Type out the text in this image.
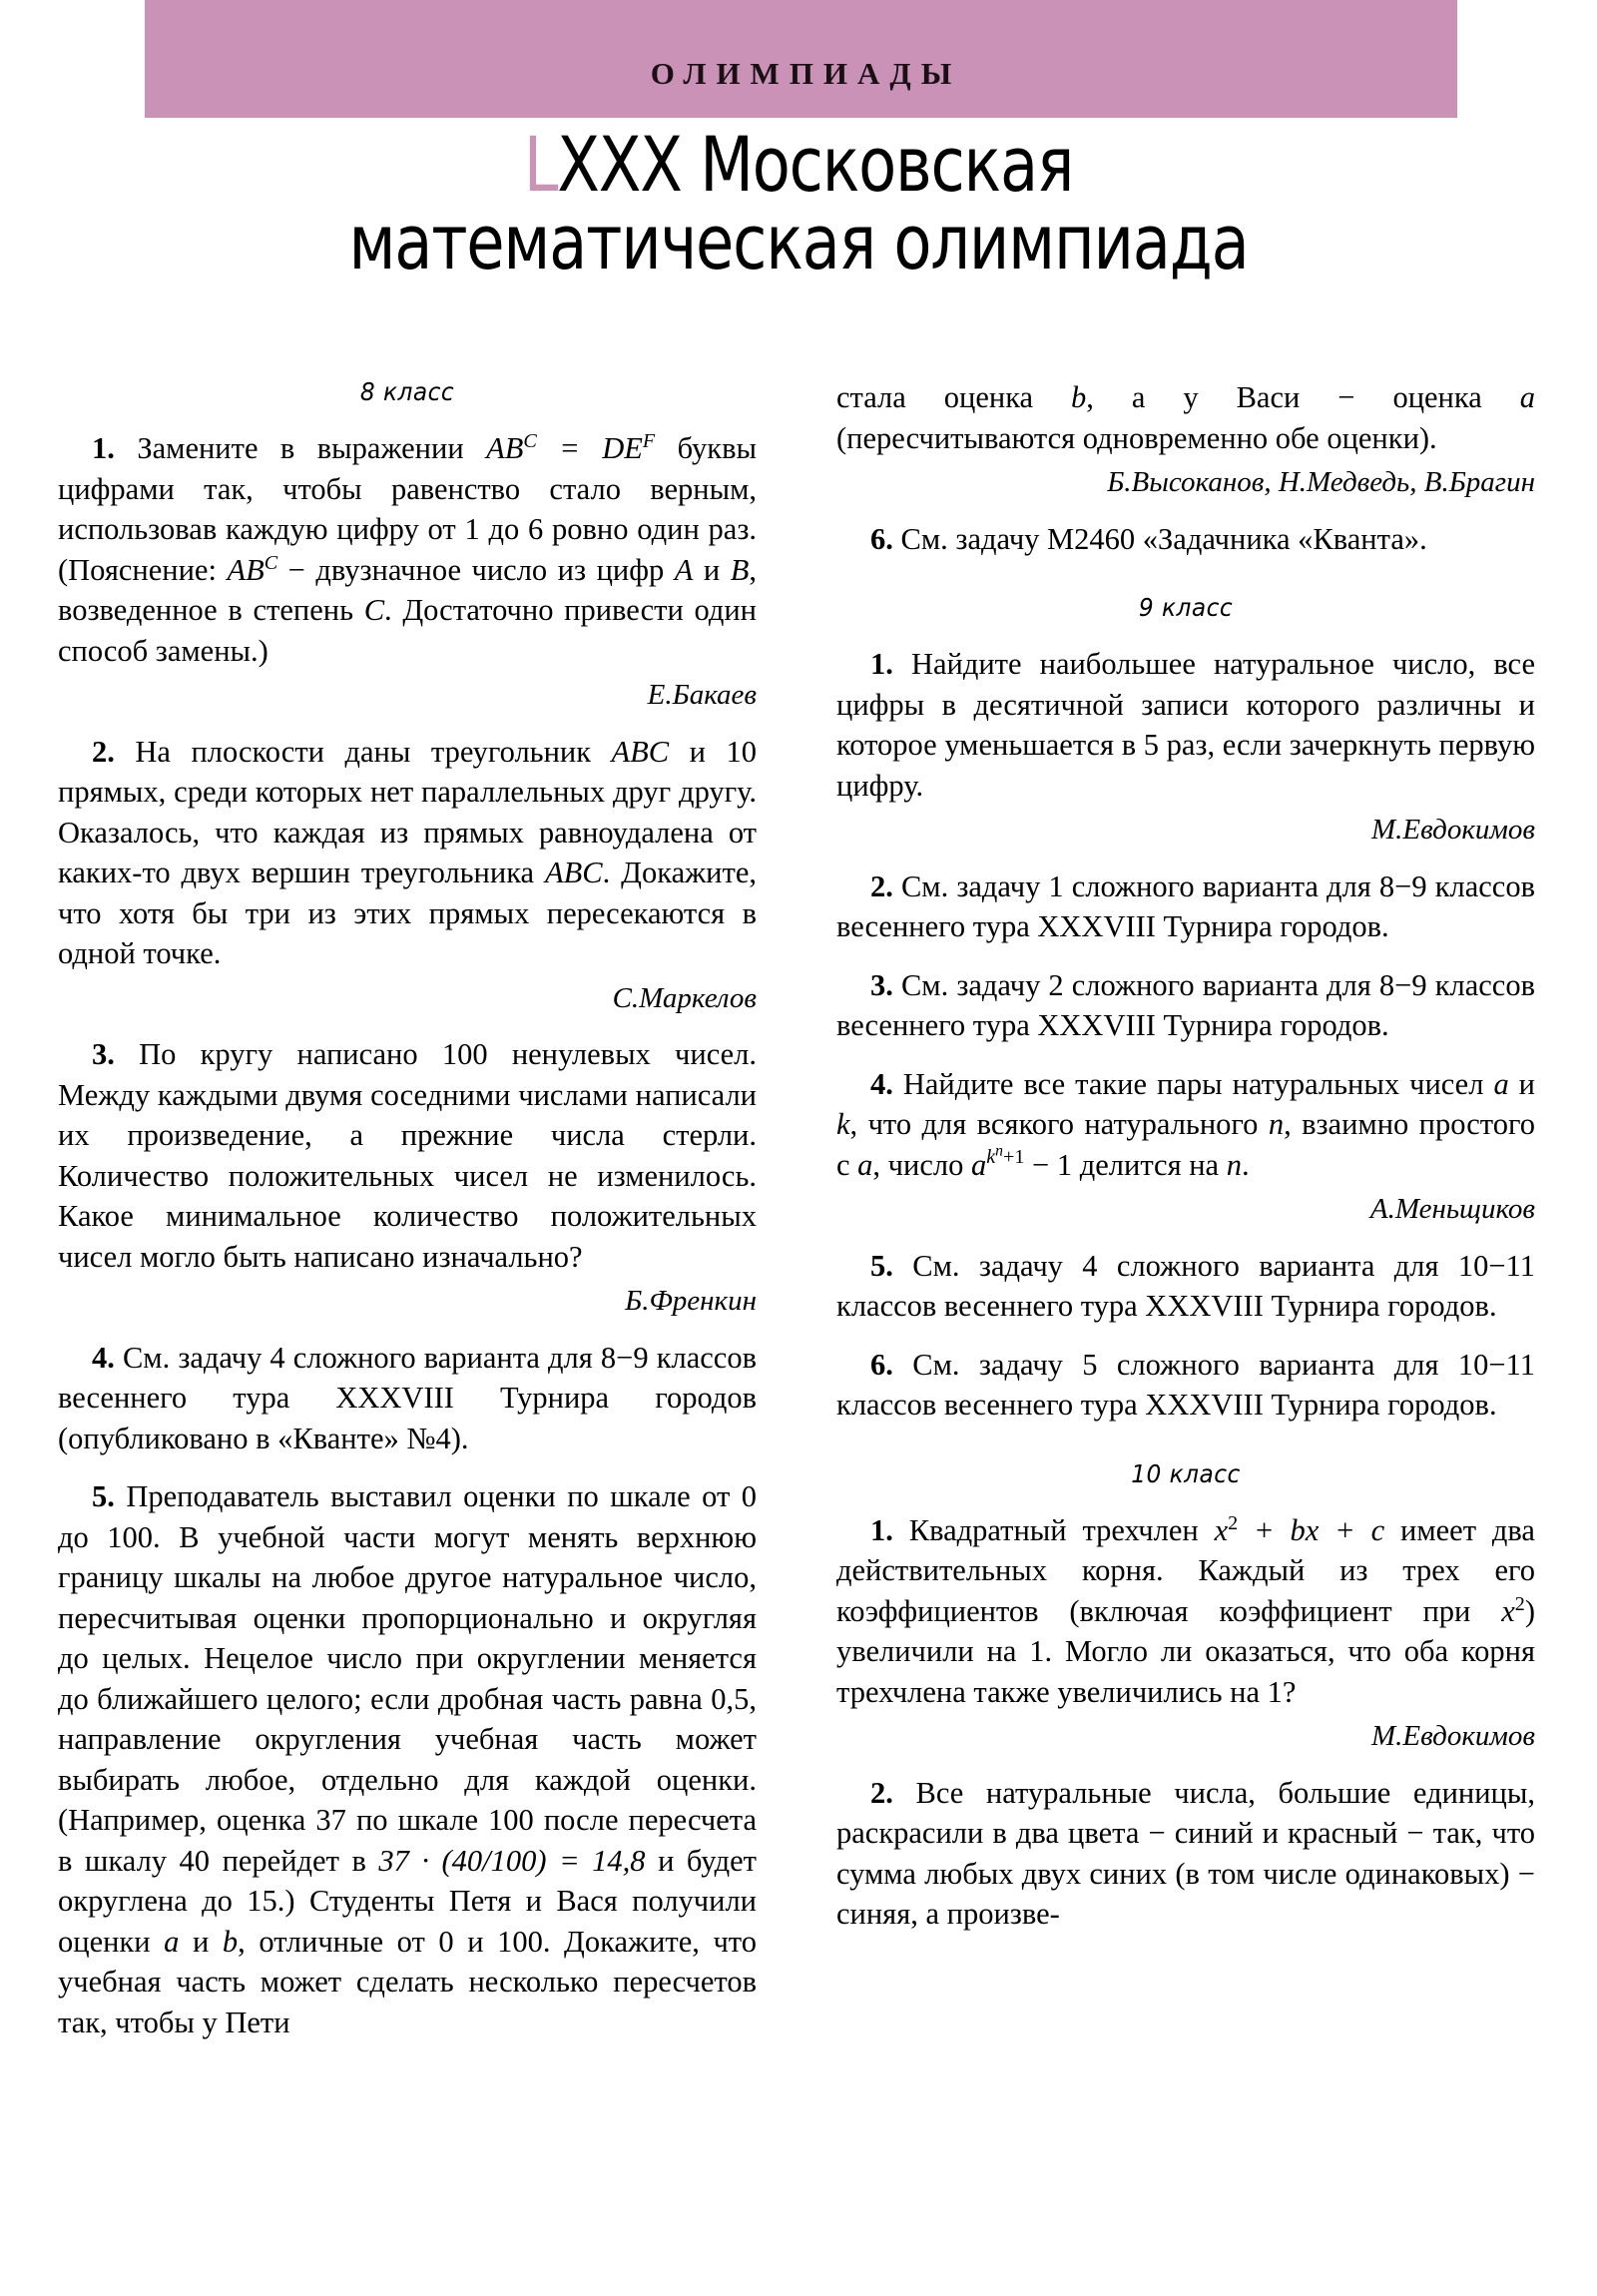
ОЛИМПИАДЫ
LXXX Московская
математическая олимпиада
8 класс

1. Замените в выражении $AB^C = DE^F$ буквы цифрами так, чтобы равенство стало верным, использовав каждую цифру от 1 до 6 ровно один раз. (Пояснение: $AB^C$ − двузначное число из цифр A и B, возведенное в степень C. Достаточно привести один способ замены.)

Е.Бакаев

2. На плоскости даны треугольник ABC и 10 прямых, среди которых нет параллельных друг другу. Оказалось, что каждая из прямых равноудалена от каких-то двух вершин треугольника ABC. Докажите, что хотя бы три из этих прямых пересекаются в одной точке.

С.Маркелов

3. По кругу написано 100 ненулевых чисел. Между каждыми двумя соседними числами написали их произведение, а прежние числа стерли. Количество положительных чисел не изменилось. Какое минимальное количество положительных чисел могло быть написано изначально?

Б.Френкин

4. См. задачу 4 сложного варианта для 8−9 классов весеннего тура XXXVIII Турнира городов (опубликовано в «Кванте» №4).

5. Преподаватель выставил оценки по шкале от 0 до 100. В учебной части могут менять верхнюю границу шкалы на любое другое натуральное число, пересчитывая оценки пропорционально и округляя до целых. Нецелое число при округлении меняется до ближайшего целого; если дробная часть равна 0,5, направление округления учебная часть может выбирать любое, отдельно для каждой оценки. (Например, оценка 37 по шкале 100 после пересчета в шкалу 40 перейдет в 37 · (40/100) = 14,8 и будет округлена до 15.) Студенты Петя и Вася получили оценки a и b, отличные от 0 и 100. Докажите, что учебная часть может сделать несколько пересчетов так, чтобы у Пети

стала оценка b, а у Васи − оценка a (пересчитываются одновременно обе оценки).

Б.Высоканов, Н.Медведь, В.Брагин

6. См. задачу М2460 «Задачника «Кванта».

9 класс

1. Найдите наибольшее натуральное число, все цифры в десятичной записи которого различны и которое уменьшается в 5 раз, если зачеркнуть первую цифру.

М.Евдокимов

2. См. задачу 1 сложного варианта для 8−9 классов весеннего тура XXXVIII Турнира городов.

3. См. задачу 2 сложного варианта для 8−9 классов весеннего тура XXXVIII Турнира городов.

4. Найдите все такие пары натуральных чисел a и k, что для всякого натурального n, взаимно простого с a, число $a^{k^n+1} - 1$ делится на n.

А.Меньщиков

5. См. задачу 4 сложного варианта для 10−11 классов весеннего тура XXXVIII Турнира городов.

6. См. задачу 5 сложного варианта для 10−11 классов весеннего тура XXXVIII Турнира городов.

10 класс

1. Квадратный трехчлен $x^2$ + bx + c имеет два действительных корня. Каждый из трех его коэффициентов (включая коэффициент при $x^2$) увеличили на 1. Могло ли оказаться, что оба корня трехчлена также увеличились на 1?

М.Евдокимов

2. Все натуральные числа, большие единицы, раскрасили в два цвета − синий и красный − так, что сумма любых двух синих (в том числе одинаковых) − синяя, а произве-
